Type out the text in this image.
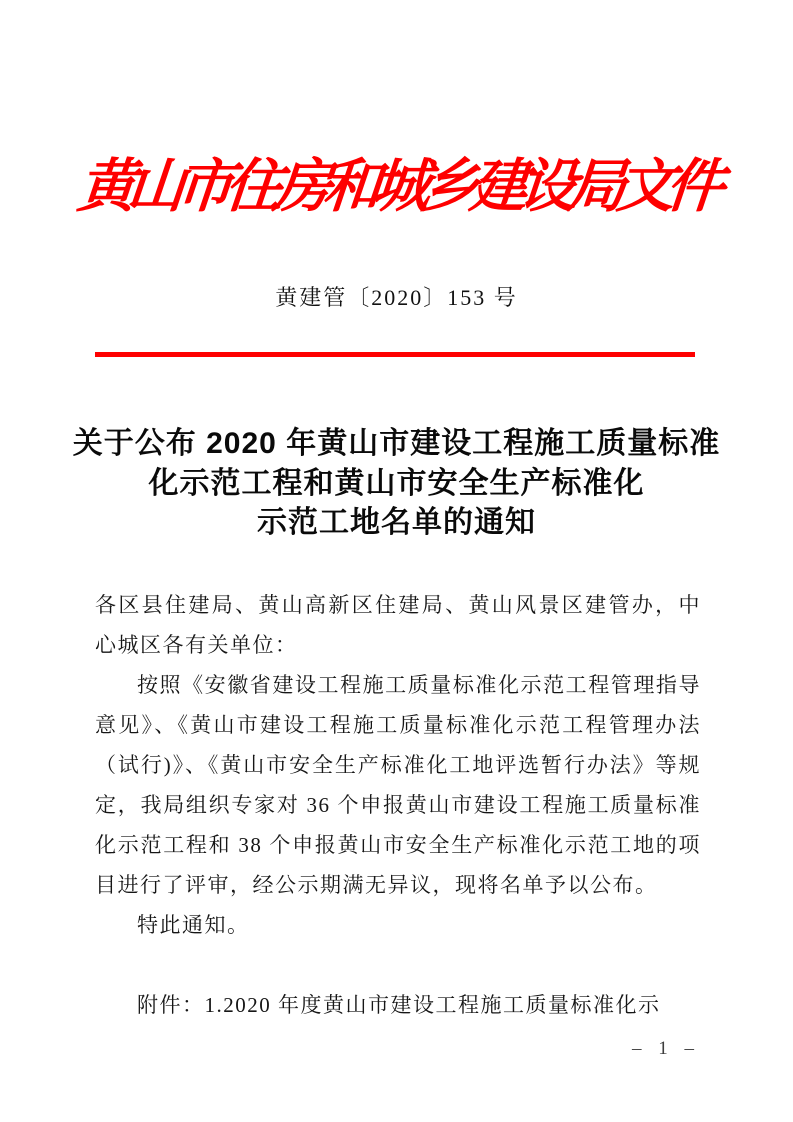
黄山市住房和城乡建设局文件
黄建管〔2020〕153 号
关于公布 2020 年黄山市建设工程施工质量标准
化示范工程和黄山市安全生产标准化
示范工地名单的通知

各区县住建局、黄山高新区住建局、黄山风景区建管办，中心城区各有关单位：

按照《安徽省建设工程施工质量标准化示范工程管理指导意见》、《黄山市建设工程施工质量标准化示范工程管理办法（试行)》、《黄山市安全生产标准化工地评选暂行办法》等规定，我局组织专家对 36 个申报黄山市建设工程施工质量标准化示范工程和 38 个申报黄山市安全生产标准化示范工地的项目进行了评审，经公示期满无异议，现将名单予以公布。

特此通知。

附件：1.2020 年度黄山市建设工程施工质量标准化示

– 1 –
